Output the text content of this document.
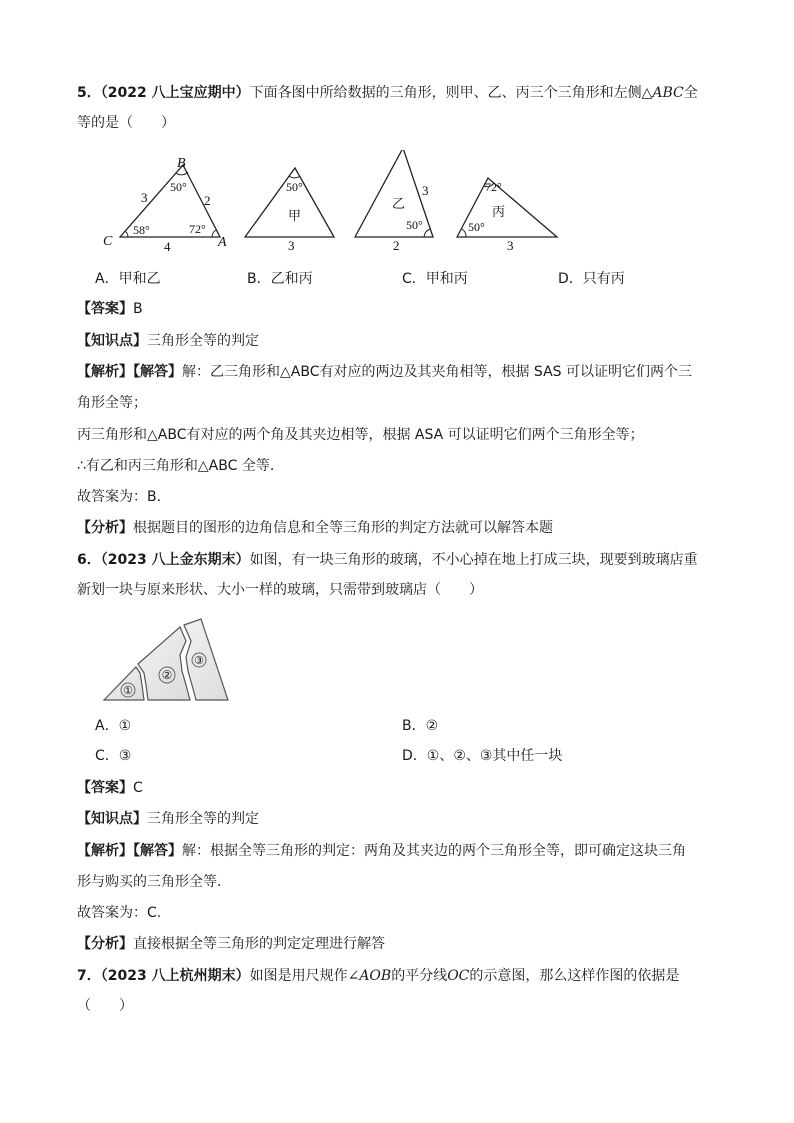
5．（2022 八上宝应期中）下面各图中所给数据的三角形，则甲、乙、丙三个三角形和左侧△ABC全
等的是（　　）
B
C	A
3	2
4
50°
58°	72°
50°
甲
3
3
乙
50°
2
72°
丙
50°
3
A．甲和乙	B．乙和丙	C．甲和丙	D．只有丙
【答案】B
【知识点】三角形全等的判定
【解析】【解答】解：乙三角形和△ABC有对应的两边及其夹角相等，根据 SAS 可以证明它们两个三
角形全等；
丙三角形和△ABC有对应的两个角及其夹边相等，根据 ASA 可以证明它们两个三角形全等；
∴有乙和丙三角形和△ABC 全等.
故答案为：B.
【分析】根据题目的图形的边角信息和全等三角形的判定方法就可以解答本题
6．（2023 八上金东期末）如图，有一块三角形的玻璃，不小心掉在地上打成三块，现要到玻璃店重
新划一块与原来形状、大小一样的玻璃，只需带到玻璃店（　　）
①
②
③
A．①	B．②
C．③	D．①、②、③其中任一块
【答案】C
【知识点】三角形全等的判定
【解析】【解答】解：根据全等三角形的判定：两角及其夹边的两个三角形全等，即可确定这块三角
形与购买的三角形全等.
故答案为：C.
【分析】直接根据全等三角形的判定定理进行解答
7．（2023 八上杭州期末）如图是用尺规作∠AOB的平分线OC的示意图，那么这样作图的依据是
（　　）
